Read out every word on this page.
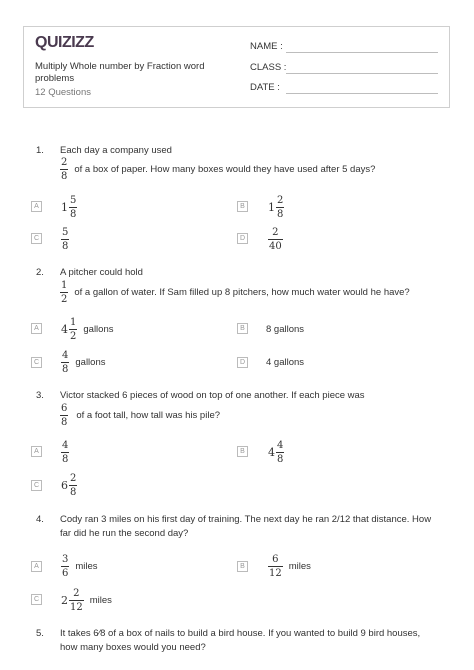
QUIZIZZ
Multiply Whole number by Fraction word problems
12 Questions
NAME :
CLASS :
DATE :
1. Each day a company used
$\frac{2}{8}$ of a box of paper. How many boxes would they have used after 5 days?
A $1 \frac{5}{8}$	B $1 \frac{2}{8}$
C $\frac{5}{8}$	D $\frac{2}{40}$
2. A pitcher could hold
$\frac{1}{2}$ of a gallon of water. If Sam filled up 8 pitchers, how much water would he have?
A $4 \frac{1}{2}$ gallons	B	8 gallons
C $\frac{4}{8}$ gallons	D	4 gallons
3. Victor stacked 6 pieces of wood on top of one another. If each piece was
$\frac{6}{8}$ of a foot tall, how tall was his pile?
A	$\frac{4}{8}$	B $4 \frac{4}{8}$
C $6 \frac{2}{8}$
4. Cody ran 3 miles on his first day of training. The next day he ran 2/12 that distance. How
far did he run the second day?
A	$\frac{3}{6}$ miles	B	$\frac{6}{12}$ miles
C $2 \frac{2}{12}$ miles
5. It takes 6⁄8 of a box of nails to build a bird house. If you wanted to build 9 bird houses,
how many boxes would you need?
